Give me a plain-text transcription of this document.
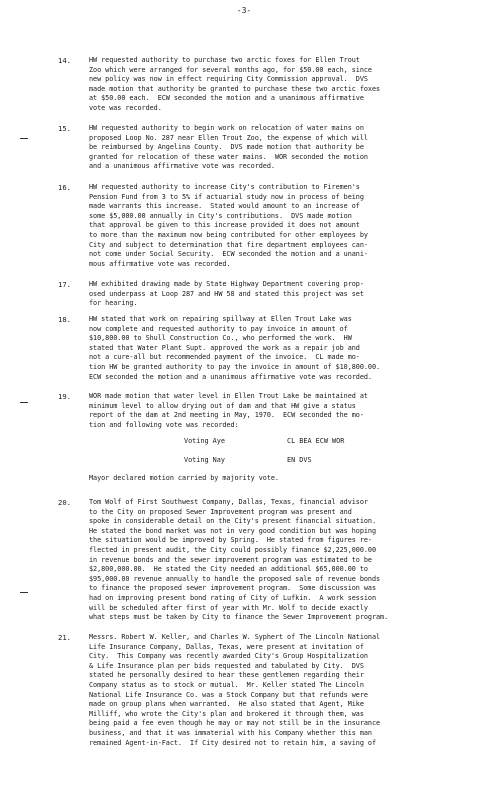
-3-
14.	HW requested authority to purchase two arctic foxes for Ellen Trout
Zoo which were arranged for several months ago, for $50.00 each, since
new policy was now in effect requiring City Commission approval.  DVS
made motion that authority be granted to purchase these two arctic foxes
at $50.00 each.  ECW seconded the motion and a unanimous affirmative
vote was recorded.
15.	HW requested authority to begin work on relocation of water mains on
proposed Loop No. 287 near Ellen Trout Zoo, the expense of which will
be reimbursed by Angelina County.  DVS made motion that authority be
granted for relocation of these water mains.  WOR seconded the motion
and a unanimous affirmative vote was recorded.
16.	HW requested authority to increase City's contribution to Firemen's
Pension Fund from 3 to 5% if actuarial study now in process of being
made warrants this increase.  Stated would amount to an increase of
some $5,000.00 annually in City's contributions.  DVS made motion
that approval be given to this increase provided it does not amount
to more than the maximum now being contributed for other employees by
City and subject to determination that fire department employees can-
not come under Social Security.  ECW seconded the motion and a unani-
mous affirmative vote was recorded.
17.	HW exhibited drawing made by State Highway Department covering prop-
osed underpass at Loop 287 and HW 58 and stated this project was set
for hearing.
18.	HW stated that work on repairing spillway at Ellen Trout Lake was
now complete and requested authority to pay invoice in amount of
$10,800.00 to Shull Construction Co., who performed the work.  HW
stated that Water Plant Supt. approved the work as a repair job and
not a cure-all but recommended payment of the invoice.  CL made mo-
tion HW be granted authority to pay the invoice in amount of $10,800.00.
ECW seconded the motion and a unanimous affirmative vote was recorded.
19.	WOR made motion that water level in Ellen Trout Lake be maintained at
minimum level to allow drying out of dam and that HW give a status
report of the dam at 2nd meeting in May, 1970.  ECW seconded the mo-
tion and following vote was recorded:
Voting Aye	CL BEA ECW WOR
Voting Nay	EN DVS
Mayor declared motion carried by majority vote.
20.	Tom Wolf of First Southwest Company, Dallas, Texas, financial advisor
to the City on proposed Sewer Improvement program was present and
spoke in considerable detail on the City's present financial situation.
He stated the bond market was not in very good condition but was hoping
the situation would be improved by Spring.  He stated from figures re-
flected in present audit, the City could possibly finance $2,225,000.00
in revenue bonds and the sewer improvement program was estimated to be
$2,800,000.00.  He stated the City needed an additional $65,000.00 to
$95,000.00 revenue annually to handle the proposed sale of revenue bonds
to finance the proposed sewer improvement program.  Some discussion was
had on improving present bond rating of City of Lufkin.  A work session
will be scheduled after first of year with Mr. Wolf to decide exactly
what steps must be taken by City to finance the Sewer Improvement program.
21.	Messrs. Robert W. Keller, and Charles W. Syphert of The Lincoln National
Life Insurance Company, Dallas, Texas, were present at invitation of
City.  This Company was recently awarded City's Group Hospitalization
& Life Insurance plan per bids requested and tabulated by City.  DVS
stated he personally desired to hear these gentlemen regarding their
Company status as to stock or mutual.  Mr. Keller stated The Lincoln
National Life Insurance Co. was a Stock Company but that refunds were
made on group plans when warranted.  He also stated that Agent, Mike
Milliff, who wrote the City's plan and brokered it through them, was
being paid a fee even though he may or may not still be in the insurance
business, and that it was immaterial with his Company whether this man
remained Agent-in-Fact.  If City desired not to retain him, a saving of
